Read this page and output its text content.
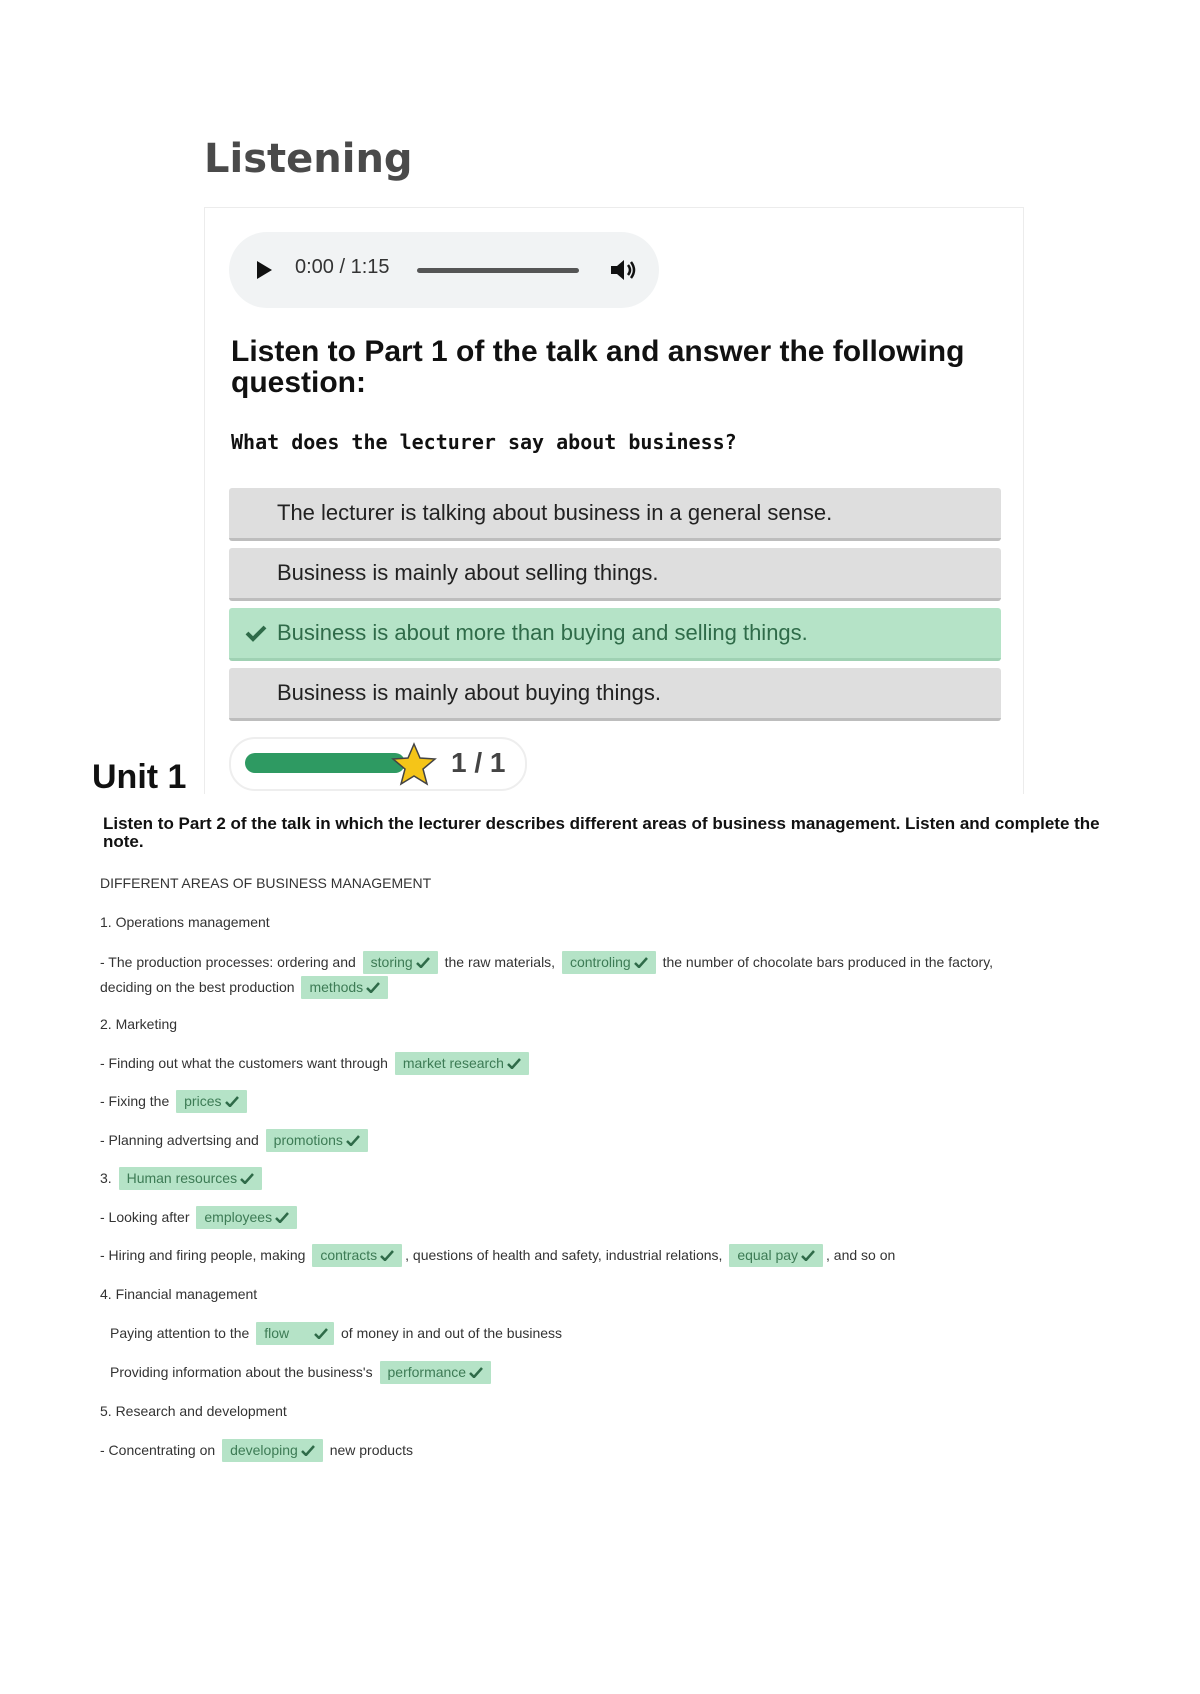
Listening
0:00 / 1:15
Listen to Part 1 of the talk and answer the following question:

What does the lecturer say about business?

The lecturer is talking about business in a general sense.
Business is mainly about selling things.
Business is about more than buying and selling things.
Business is mainly about buying things.
1 / 1
Unit 1

Listen to Part 2 of the talk in which the lecturer describes different areas of business management. Listen and complete the note.

DIFFERENT AREAS OF BUSINESS MANAGEMENT
1. Operations management
- The production processes: ordering and storing the raw materials, controling the number of chocolate bars produced in the factory,
deciding on the best production methods
2. Marketing
- Finding out what the customers want through market research
- Fixing the prices
- Planning advertsing and promotions
3. Human resources
- Looking after employees
- Hiring and firing people, making contracts , questions of health and safety, industrial relations, equal pay , and so on
4. Financial management
Paying attention to the flow	of money in and out of the business
Providing information about the business's performance
5. Research and development
- Concentrating on developing new products
